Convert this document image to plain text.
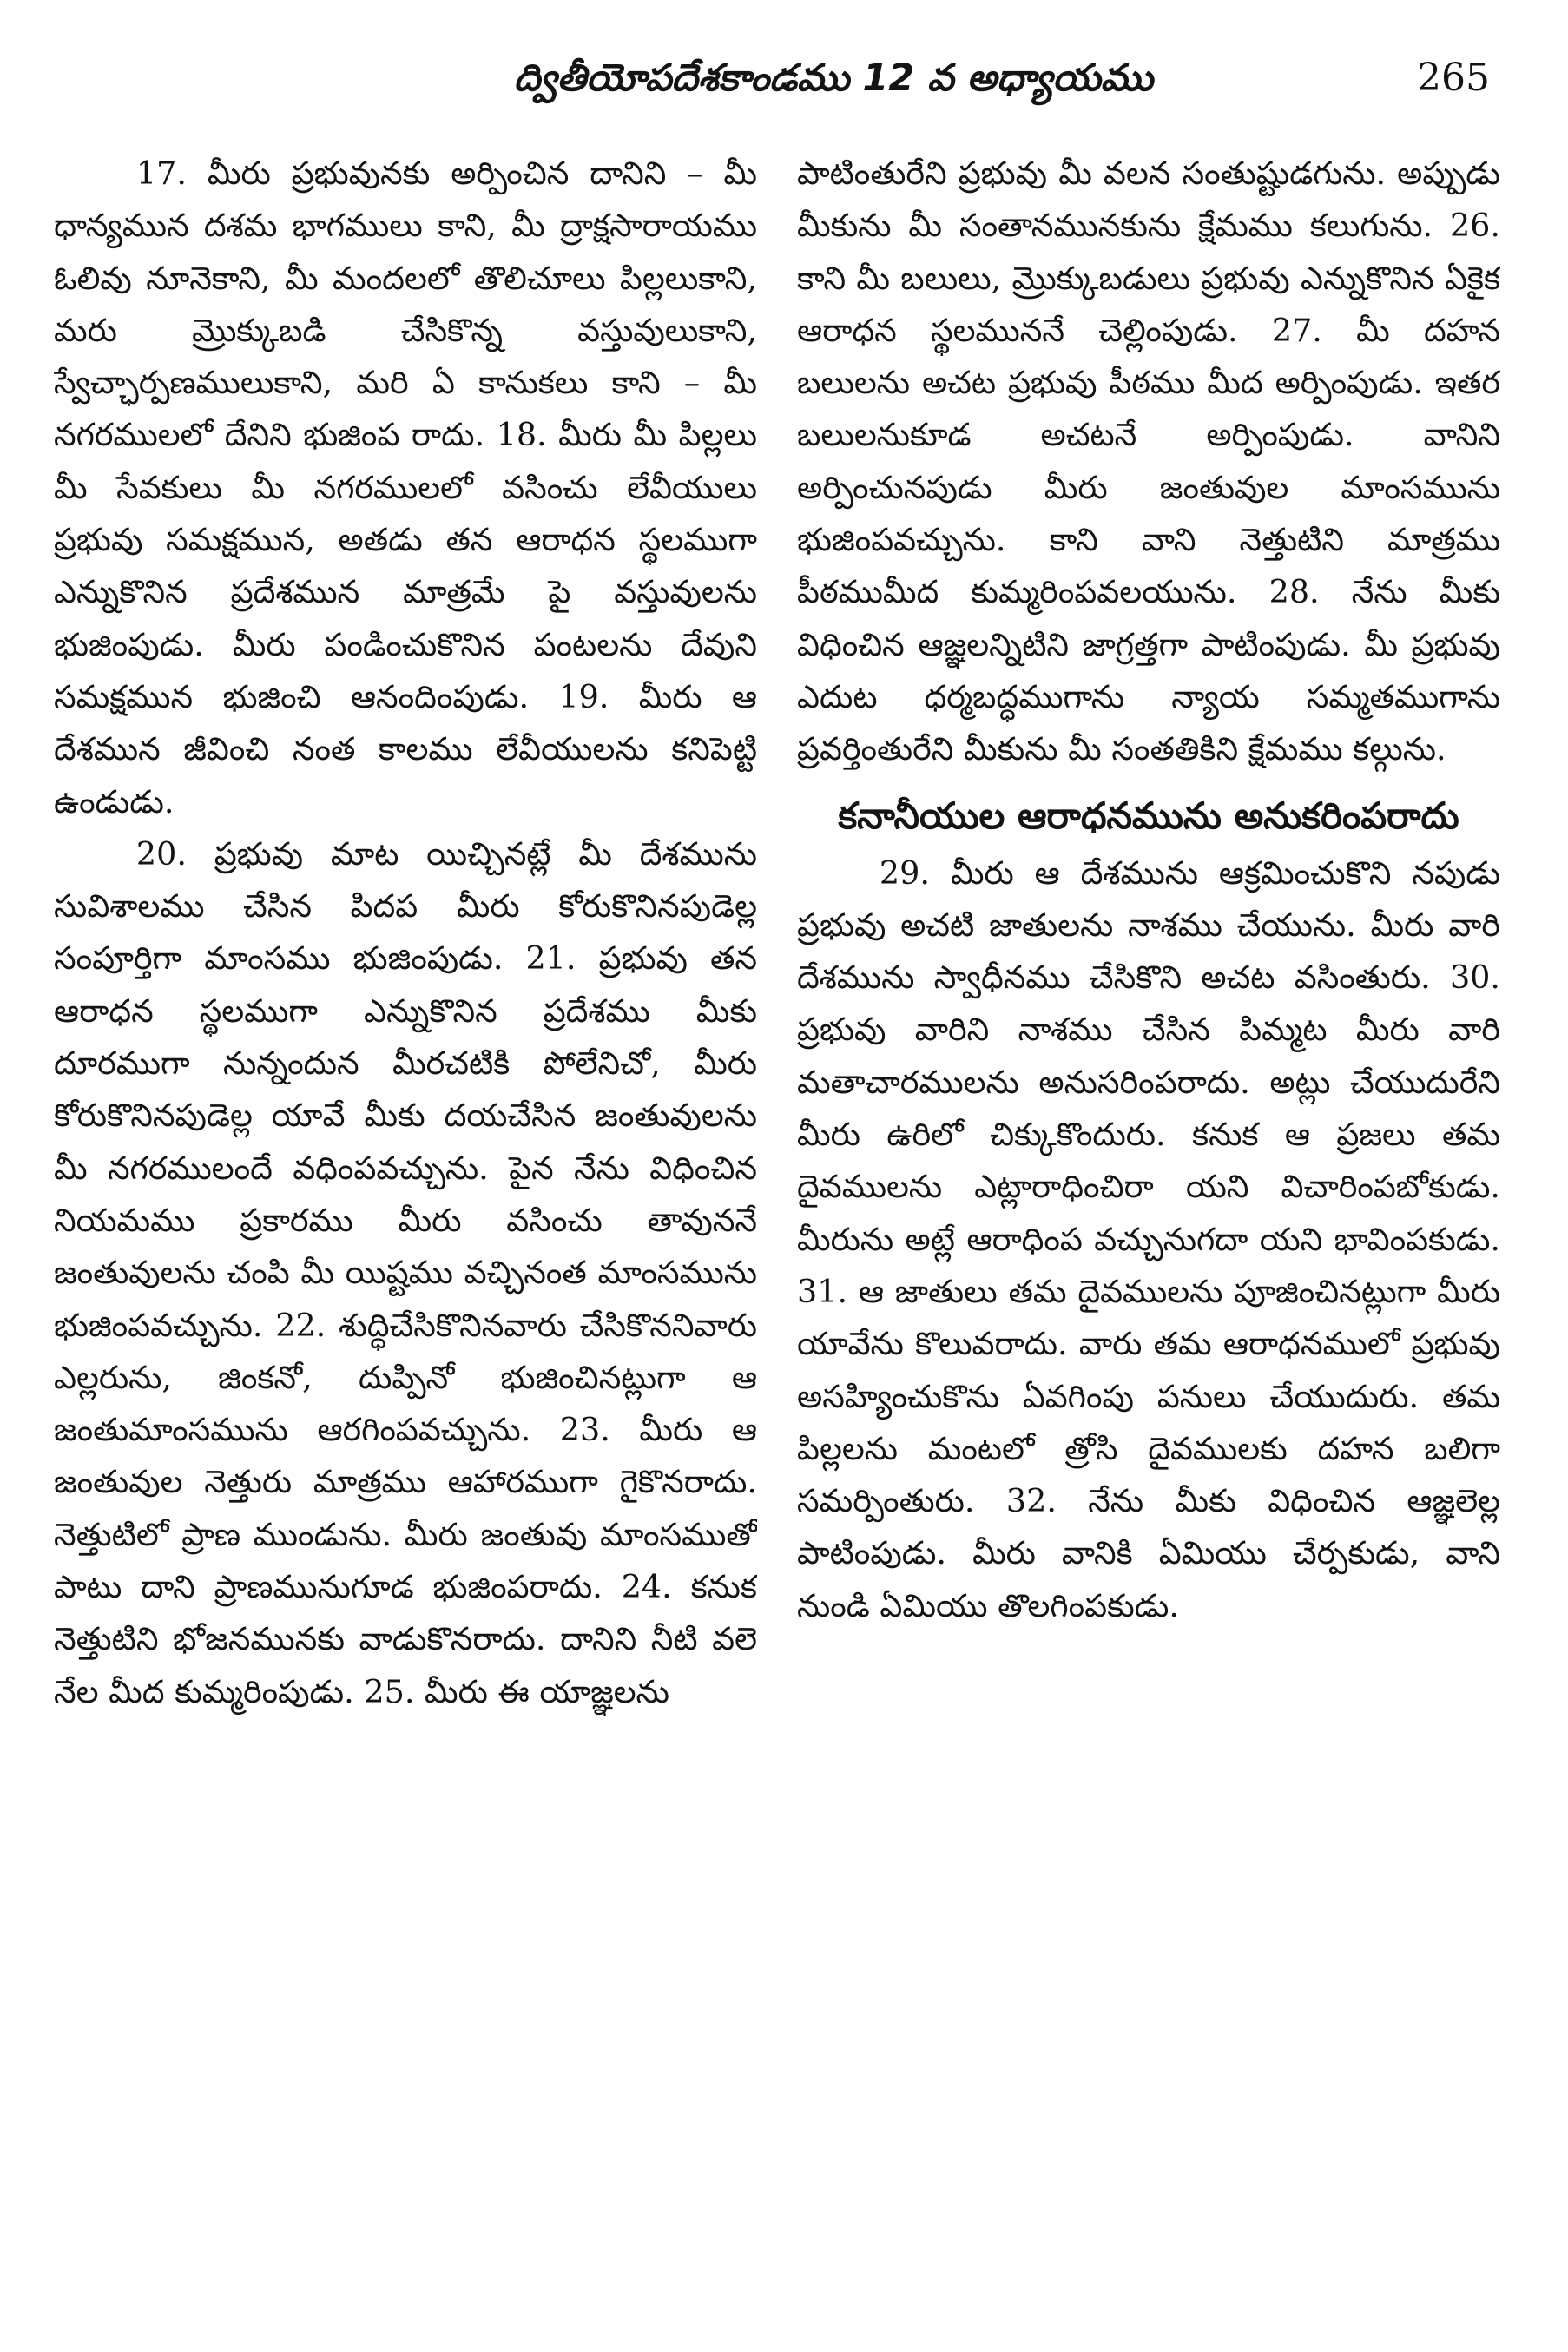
ద్వితీయోపదేశకాండము 12 వ అధ్యాయము	265

17. మీరు ప్రభువునకు అర్పించిన దానిని – మీ ధాన్యమున దశమ భాగములు కాని, మీ ద్రాక్షసారాయము ఓలివు నూనెకాని, మీ మందలలో తొలిచూలు పిల్లలుకాని, మరు మ్రొక్కుబడి చేసికొన్న వస్తువులుకాని, స్వేచ్ఛార్పణములుకాని, మరి ఏ కానుకలు కాని – మీ నగరములలో దేనిని భుజింప రాదు. 18. మీరు మీ పిల్లలు మీ సేవకులు మీ నగరములలో వసించు లేవీయులు ప్రభువు సమక్షమున, అతడు తన ఆరాధన స్థలముగా ఎన్నుకొనిన ప్రదేశమున మాత్రమే పై వస్తువులను భుజింపుడు. మీరు పండించుకొనిన పంటలను దేవుని సమక్షమున భుజించి ఆనందింపుడు. 19. మీరు ఆ దేశమున జీవించి నంత కాలము లేవీయులను కనిపెట్టి ఉండుడు.

20. ప్రభువు మాట యిచ్చినట్లే మీ దేశమును సువిశాలము చేసిన పిదప మీరు కోరుకొనినపుడెల్ల సంపూర్తిగా మాంసము భుజింపుడు. 21. ప్రభువు తన ఆరాధన స్థలముగా ఎన్నుకొనిన ప్రదేశము మీకు దూరముగా నున్నందున మీరచటికి పోలేనిచో, మీరు కోరుకొనినపుడెల్ల యావే మీకు దయచేసిన జంతువులను మీ నగరములందే వధింపవచ్చును. పైన నేను విధించిన నియమము ప్రకారము మీరు వసించు తావుననే జంతువులను చంపి మీ యిష్టము వచ్చినంత మాంసమును భుజింపవచ్చును. 22. శుద్ధిచేసికొనినవారు చేసికొననివారు ఎల్లరును, జింకనో, దుప్పినో భుజించినట్లుగా ఆ జంతుమాంసమును ఆరగింపవచ్చును. 23. మీరు ఆ జంతువుల నెత్తురు మాత్రము ఆహారముగా గైకొనరాదు. నెత్తుటిలో ప్రాణ ముండును. మీరు జంతువు మాంసముతో పాటు దాని ప్రాణమునుగూడ భుజింపరాదు. 24. కనుక నెత్తుటిని భోజనమునకు వాడుకొనరాదు. దానిని నీటి వలె నేల మీద కుమ్మరింపుడు. 25. మీరు ఈ యాజ్ఞలను

పాటింతురేని ప్రభువు మీ వలన సంతుష్టుడగును. అప్పుడు మీకును మీ సంతానమునకును క్షేమము కలుగును. 26. కాని మీ బలులు, మ్రొక్కుబడులు ప్రభువు ఎన్నుకొనిన ఏకైక ఆరాధన స్థలముననే చెల్లింపుడు. 27. మీ దహన బలులను అచట ప్రభువు పీఠము మీద అర్పింపుడు. ఇతర బలులనుకూడ అచటనే అర్పింపుడు. వానిని అర్పించునపుడు మీరు జంతువుల మాంసమును భుజింపవచ్చును. కాని వాని నెత్తుటిని మాత్రము పీఠముమీద కుమ్మరింపవలయును. 28. నేను మీకు విధించిన ఆజ్ఞలన్నిటిని జాగ్రత్తగా పాటింపుడు. మీ ప్రభువు ఎదుట ధర్మబద్ధముగాను న్యాయ సమ్మతముగాను ప్రవర్తింతురేని మీకును మీ సంతతికిని క్షేమము కల్గును.

కనానీయుల ఆరాధనమును అనుకరింపరాదు

29. మీరు ఆ దేశమును ఆక్రమించుకొని నపుడు ప్రభువు అచటి జాతులను నాశము చేయును. మీరు వారి దేశమును స్వాధీనము చేసికొని అచట వసింతురు. 30. ప్రభువు వారిని నాశము చేసిన పిమ్మట మీరు వారి మతాచారములను అనుసరింపరాదు. అట్లు చేయుదురేని మీరు ఉరిలో చిక్కుకొందురు. కనుక ఆ ప్రజలు తమ దైవములను ఎట్లారాధించిరా యని విచారింపబోకుడు. మీరును అట్లే ఆరాధింప వచ్చునుగదా యని భావింపకుడు. 31. ఆ జాతులు తమ దైవములను పూజించినట్లుగా మీరు యావేను కొలువరాదు. వారు తమ ఆరాధనములో ప్రభువు అసహ్యించుకొను ఏవగింపు పనులు చేయుదురు. తమ పిల్లలను మంటలో త్రోసి దైవములకు దహన బలిగా సమర్పింతురు. 32. నేను మీకు విధించిన ఆజ్ఞలెల్ల పాటింపుడు. మీరు వానికి ఏమియు చేర్పకుడు, వాని నుండి ఏమియు తొలగింపకుడు.
